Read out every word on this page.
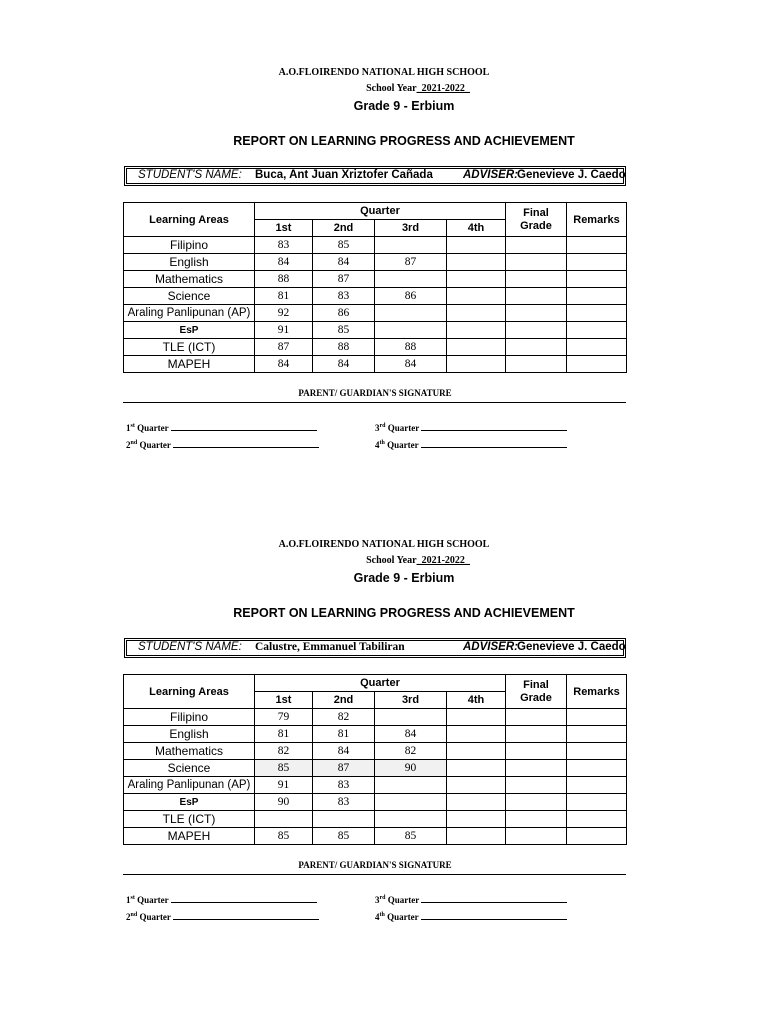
A.O.FLOIRENDO NATIONAL HIGH SCHOOL
School Year_2021-2022_
Grade 9 - Erbium
REPORT ON LEARNING PROGRESS AND ACHIEVEMENT
STUDENT'S NAME: Buca, Ant Juan Xriztofer Cañada	ADVISER: Genevieve J. Caedo
Learning Areas	Quarter				Final Grade	Remarks
	1st	2nd	3rd	4th		
Filipino	83	85				
English	84	84	87			
Mathematics	88	87				
Science	81	83	86			
Araling Panlipunan (AP)	92	86				
EsP	91	85				
TLE (ICT)	87	88	88			
MAPEH	84	84	84			
PARENT/ GUARDIAN'S SIGNATURE
1st Quarter
2nd Quarter
3rd Quarter
4th Quarter
A.O.FLOIRENDO NATIONAL HIGH SCHOOL
School Year_2021-2022_
Grade 9 - Erbium
REPORT ON LEARNING PROGRESS AND ACHIEVEMENT
STUDENT'S NAME: Calustre, Emmanuel Tabiliran	ADVISER: Genevieve J. Caedo
Learning Areas	Quarter				Final Grade	Remarks
	1st	2nd	3rd	4th		
Filipino	79	82				
English	81	81	84			
Mathematics	82	84	82			
Science	85	87	90			
Araling Panlipunan (AP)	91	83				
EsP	90	83				
TLE (ICT)						
MAPEH	85	85	85			
PARENT/ GUARDIAN'S SIGNATURE
1st Quarter
2nd Quarter
3rd Quarter
4th Quarter
